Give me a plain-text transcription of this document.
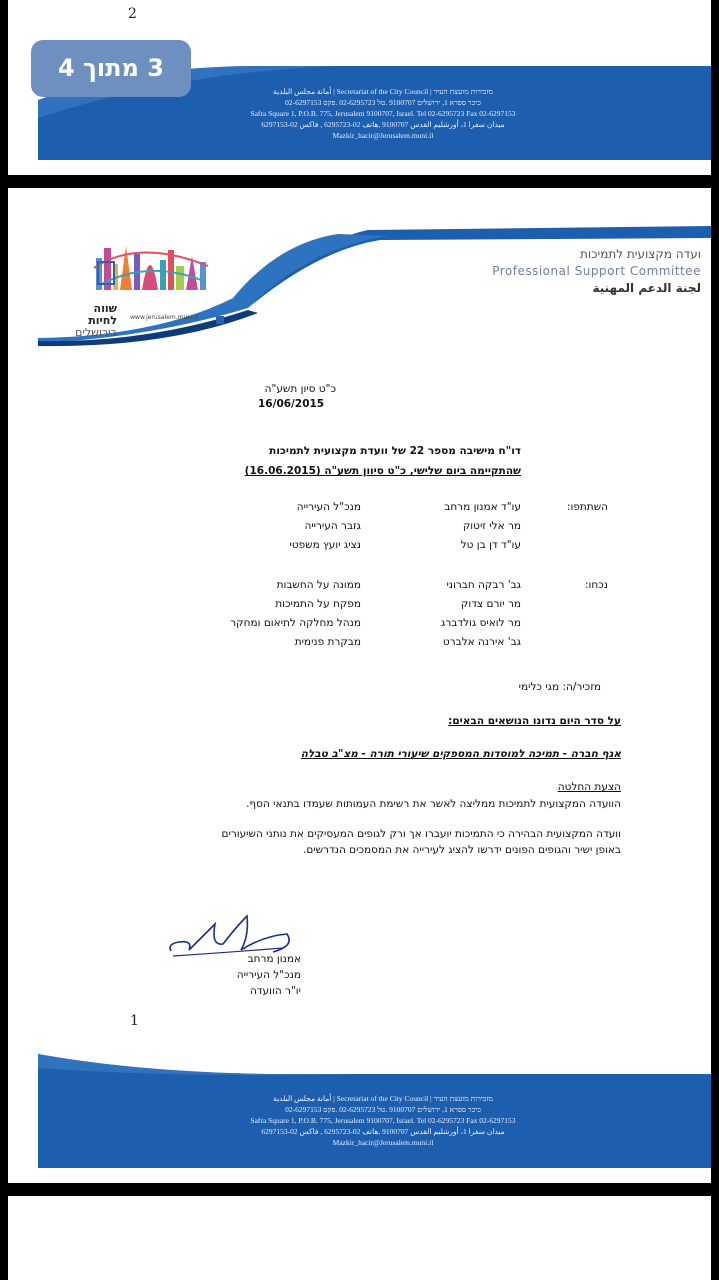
2
أمانة مجلس البلدية | Secretariat of the City Council | מזכירות מועצת העיר
כיכר ספרא 1, ירושלים 9100707 .טל 02-6295723 .פקס 02-6297153
Safra Square 1, P.O.B. 775, Jerusalem 9100707, Israel. Tel 02-6295723 Fax 02-6297153
ميدان سفرا 1، أورشليم القدس 9100707 ,هاتف 02-6295723 , فاكس 02-6297153
Mazkir_hacir@Jerusalem.muni.il
3 מתוך 4
שווה לחיות
בירושלים
www.jerusalem.muni.il
ועדה מקצועית לתמיכות
Professional Support Committee
لجنة الدعم المهنية
כ"ט סיון תשע"ה
16/06/2015
דו"ח מישיבה מספר 22 של וועדת מקצועית לתמיכות
שהתקיימה ביום שלישי, כ"ט סיוון תשע"ה (16.06.2015)
השתתפו:
עו"ד אמנון מרחב
מנכ"ל העירייה
מר אלי זיטוק
גזבר העירייה
עו"ד דן בן טל
נציג יועץ משפטי
נכחו:
גב' רבקה חברוני
ממונה על החשבות
מר יורם צדוק
מפקח על התמיכות
מר לואיס גולדברג
מנהל מחלקה לתיאום ומחקר
גב' אירנה אלברט
מבקרת פנימית
מזכיר/ה: מגי כלימי
על סדר היום נדונו הנושאים הבאים:
אגף חברה - תמיכה למוסדות המספקים שיעורי תורה - מצ"ב טבלה
הצעת החלטה
הוועדה המקצועית לתמיכות ממליצה לאשר את רשימת העמותות שעמדו בתנאי הסף.
וועדה המקצועית הבהירה כי התמיכות יועברו אך ורק לגופים המעסיקים את נותני השיעורים
באופן ישיר והגופים הפונים ידרשו להציג לעירייה את המסמכים הנדרשים.
אמנון מרחב
מנכ"ל העירייה
יו"ר הוועדה
1
أمانة مجلس البلدية | Secretariat of the City Council | מזכירות מועצת העיר
כיכר ספרא 1, ירושלים 9100707 .טל 02-6295723 .פקס 02-6297153
Safra Square 1, P.O.B. 775, Jerusalem 9100707, Israel. Tel 02-6295723 Fax 02-6297153
ميدان سفرا 1، أورشليم القدس 9100707 ,هاتف 02-6295723 , فاكس 02-6297153
Mazkir_hacir@Jerusalem.muni.il
